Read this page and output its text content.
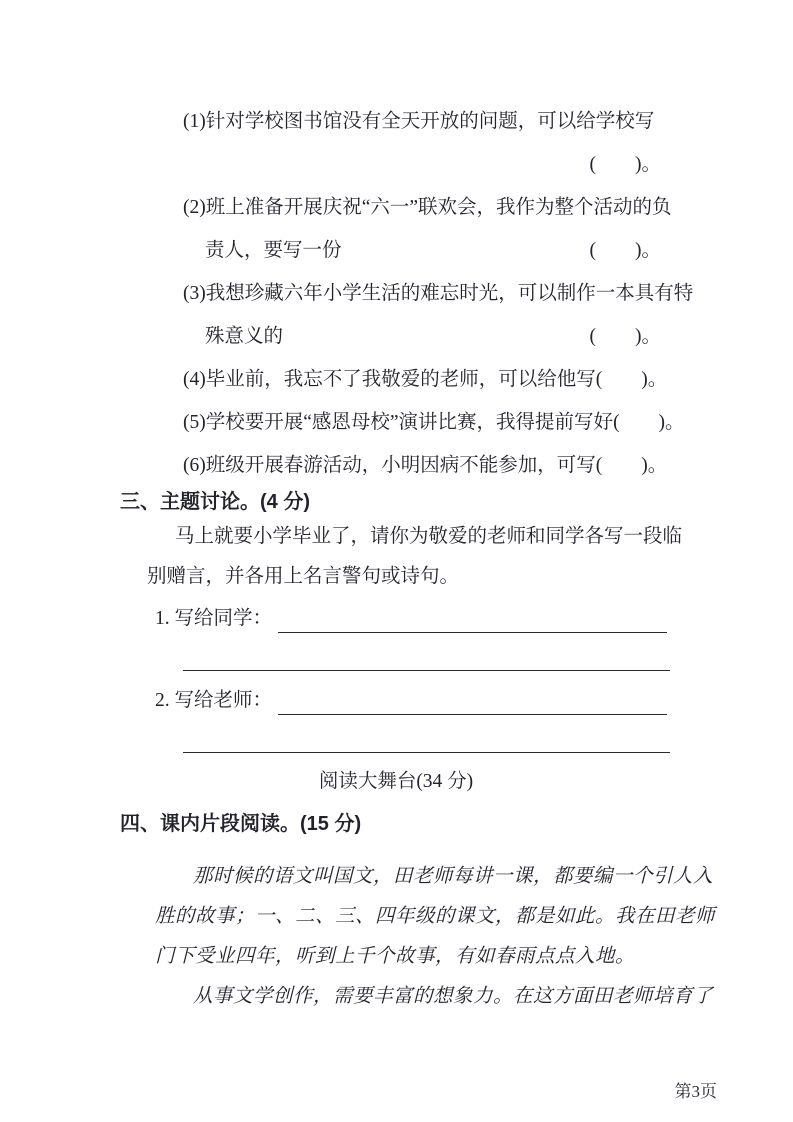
(1)针对学校图书馆没有全天开放的问题，可以给学校写
(　　)。
(2)班上准备开展庆祝“六一”联欢会，我作为整个活动的负
责人，要写一份	(　　)。
(3)我想珍藏六年小学生活的难忘时光，可以制作一本具有特
殊意义的	(　　)。
(4)毕业前，我忘不了我敬爱的老师，可以给他写 (　　)。
(5)学校要开展“感恩母校”演讲比赛，我得提前写好 (　　)。
(6)班级开展春游活动，小明因病不能参加，可写 (　　)。
三、主题讨论。(4 分)
马上就要小学毕业了，请你为敬爱的老师和同学各写一段临
别赠言，并各用上名言警句或诗句。
1. 写给同学：
2. 写给老师：
阅读大舞台(34 分)
四、课内片段阅读。(15 分)
那时候的语文叫国文，田老师每讲一课，都要编一个引人入
胜的故事；一、二、三、四年级的课文，都是如此。我在田老师
门下受业四年，听到上千个故事，有如春雨点点入地。
从事文学创作，需要丰富的想象力。在这方面田老师培育了
第3页
